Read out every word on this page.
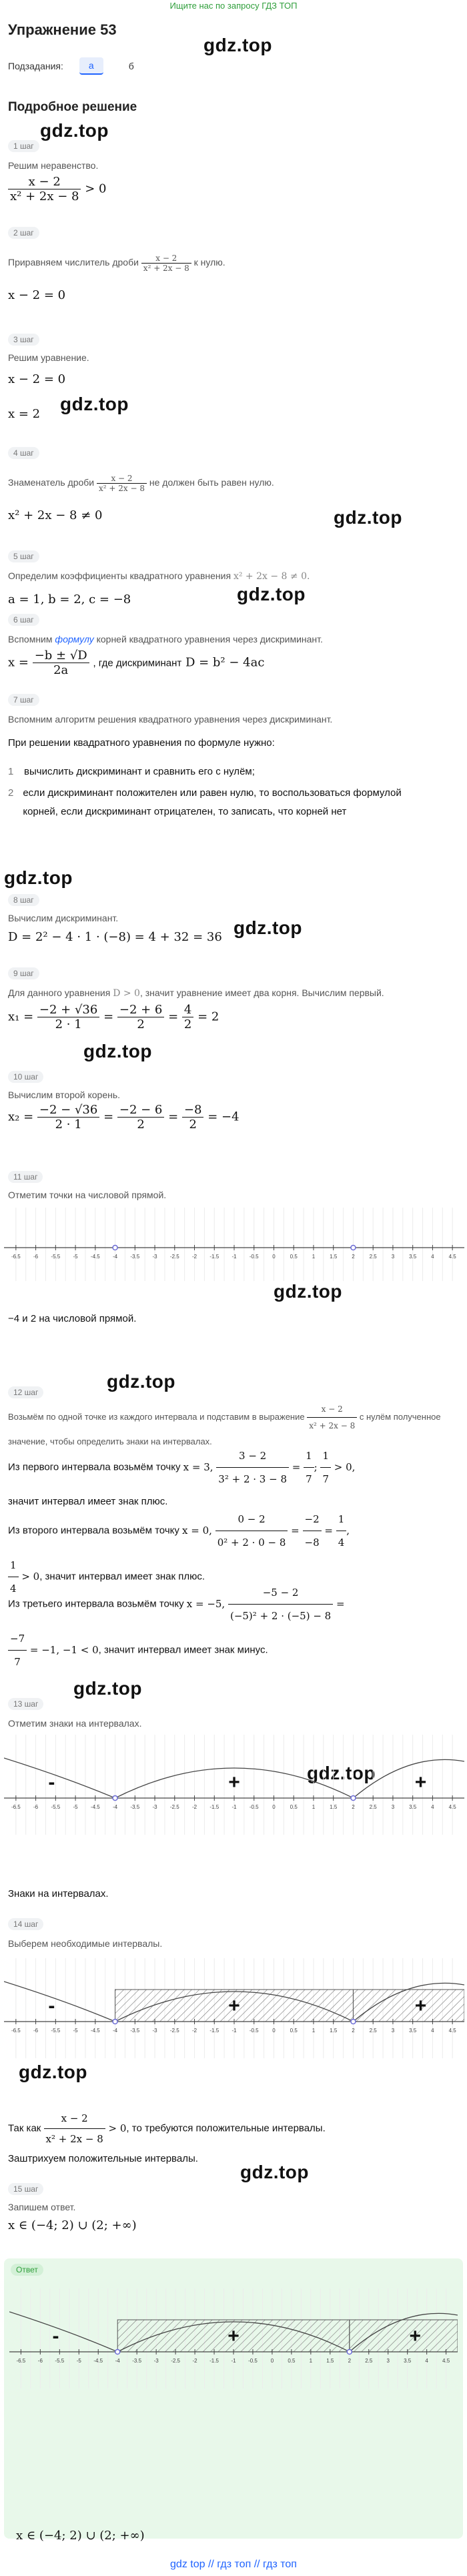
Ищите нас по запросу ГДЗ ТОП
Упражнение 53
Подзадания:	a	б
gdz.top
gdz.top
gdz.top
gdz.top
gdz.top
gdz.top
gdz.top
gdz.top
gdz.top
gdz.top
gdz.top
gdz.top
gdz.top
gdz.top
Подробное решение
1 шаг
Решим неравенство.
$\frac{x - 2}{\text{x² + 2x − 8}} > 0$
2 шаг
Приравняем числитель дроби $\frac{x - 2}{\text{x² + 2x − 8}}$ к нулю.
x − 2 = 0
3 шаг
Решим уравнение.
x − 2 = 0
x = 2
4 шаг
Знаменатель дроби $\frac{x - 2}{\text{x² + 2x − 8}}$ не должен быть равен нулю.
x² + 2x − 8 ≠ 0
5 шаг
Определим коэффициенты квадратного уравнения x² + 2x − 8 ≠ 0.
a = 1, b = 2, c = −8
6 шаг
Вспомним формулу корней квадратного уравнения через дискриминант.
$x = \frac{-b \pm √D}{2a}$ , где дискриминант D = b² − 4ac
7 шаг
Вспомним алгоритм решения квадратного уравнения через дискриминант.
При решении квадратного уравнения по формуле нужно:
1 вычислить дискриминант и сравнить его с нулём;
2 если дискриминант положителен или равен нулю, то воспользоваться формулой корней, если дискриминант отрицателен, то записать, что корней нет
8 шаг
Вычислим дискриминант.
D = 2² − 4 · 1 · (−8) = 4 + 32 = 36
9 шаг
Для данного уравнения D > 0, значит уравнение имеет два корня. Вычислим первый.
$x_1 = \frac{-2 + √36}{2 \cdot 1} = \frac{-2 + 6}{2} = \frac{4}{2} = 2$
10 шаг
Вычислим второй корень.
$x_2 = \frac{-2 - √36}{2 \cdot 1} = \frac{-2 - 6}{2} = \frac{-8}{2} = -4$
11 шаг
Отметим точки на числовой прямой.
-6.5 -6 -5.5 -5 -4.5 -4 -3.5 -3 -2.5 -2 -1.5 -1 -0.5	0	0.5	1	1.5	2	2.5	3	3.5	4	4.5
−4 и 2 на числовой прямой.
12 шаг
Возьмём по одной точке из каждого интервала и подставим в выражение $\frac{x - 2}{\text{x² + 2x − 8}}$ с нулём полученное значение, чтобы определить знаки на интервалах.
Из первого интервала возьмём точку x = 3, $\frac{3 - 2}{\text{3² + 2 · 3 − 8}} = \frac{1}{7}$ ; $\frac{1}{7} > 0$,
значит интервал имеет знак плюс.
Из второго интервала возьмём точку x = 0, $\frac{0 - 2}{\text{0² + 2 · 0 − 8}} = \frac{-2}{-8} = \frac{1}{4}$ ,

$\frac{1}{4} > 0$, значит интервал имеет знак плюс.
Из третьего интервала возьмём точку x = −5, $\frac{-5 - 2}{\text{(−5)² + 2 · (−5) − 8}}$ =

$\frac{-7}{7} = -1$, −1 < 0, значит интервал имеет знак минус.
13 шаг
Отметим знаки на интервалах.
-6.5 -6 -5.5 -5 -4.5 -4 -3.5 -3 -2.5 -2 -1.5 -1 -0.5	0	0.5	1	1.5	2	2.5	3	3.5	4	4.5
-	+	+
Знаки на интервалах.
14 шаг
Выберем необходимые интервалы.
-6.5 -6 -5.5 -5 -4.5 -4 -3.5 -3 -2.5 -2 -1.5 -1 -0.5	0	0.5	1	1.5	2	2.5	3	3.5	4	4.5
-	+	+
Так как $\frac{x - 2}{\text{x² + 2x − 8}} > 0$, то требуются положительные интервалы.
Заштрихуем положительные интервалы.
15 шаг
Запишем ответ.
x ∈ (−4; 2) ∪ (2; +∞)
Ответ
-6.5 -6 -5.5 -5 -4.5 -4 -3.5 -3 -2.5 -2 -1.5 -1 -0.5 0	0.5	1	1.5	2	2.5	3	3.5	4	4.5
-	+	+
x ∈ (−4; 2) ∪ (2; +∞)
gdz top // гдз топ // гдз топ
